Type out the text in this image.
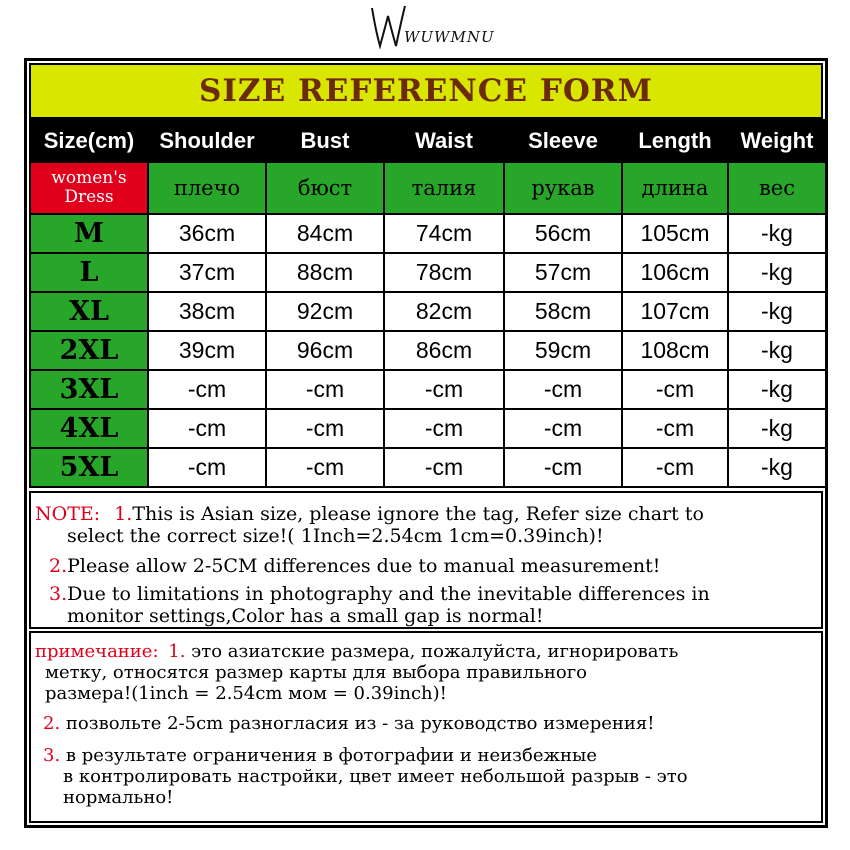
WUWMNU
SIZE REFERENCE FORM
Size(cm)	Shoulder	Bust	Waist	Sleeve	Length	Weight
women's Dress	плечо	бюст	талия	рукав	длина	вес
M	36cm	84cm	74cm	56cm	105cm	-kg
L	37cm	88cm	78cm	57cm	106cm	-kg
XL	38cm	92cm	82cm	58cm	107cm	-kg
2XL	39cm	96cm	86cm	59cm	108cm	-kg
3XL	-cm	-cm	-cm	-cm	-cm	-kg
4XL	-cm	-cm	-cm	-cm	-cm	-kg
5XL	-cm	-cm	-cm	-cm	-cm	-kg
NOTE: 1.This is Asian size, please ignore the tag, Refer size chart to
select the correct size!( 1Inch=2.54cm 1cm=0.39inch)!
2.Please allow 2-5CM differences due to manual measurement!
3.Due to limitations in photography and the inevitable differences in
monitor settings,Color has a small gap is normal!
примечание: 1. это азиатские размера, пожалуйста, игнорировать
метку, относятся размер карты для выбора правильного
размера!(1inch = 2.54cm мом = 0.39inch)!
2. позвольте 2-5cm разногласия из - за руководство измерения!
3. в результате ограничения в фотографии и неизбежные
в контролировать настройки, цвет имеет небольшой разрыв - это
нормально!
